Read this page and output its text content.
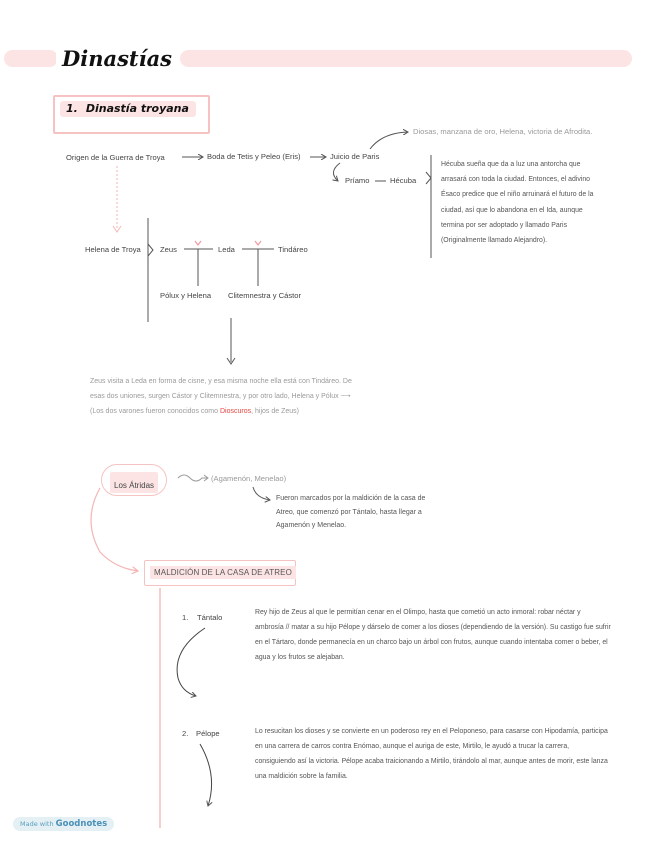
Dinastías
1. Dinastía troyana
Origen de la Guerra de Troya	Boda de Tetis y Peleo (Eris)	Juicio de Paris
Diosas, manzana de oro, Helena, victoria de Afrodita.
Príamo	Hécuba
Hécuba sueña que da a luz una antorcha que arrasará con toda la ciudad. Entonces, el adivino Ésaco predice que el niño arruinará el futuro de la ciudad, así que lo abandona en el Ida, aunque termina por ser adoptado y llamado Paris (Originalmente llamado Alejandro).
Helena de Troya	Zeus	Leda	Tindáreo
Pólux y Helena Clitemnestra y Cástor
Zeus visita a Leda en forma de cisne, y esa misma noche ella está con Tindáreo. De esas dos uniones, surgen Cástor y Clitemnestra, y por otro lado, Helena y Pólux ⟶ (Los dos varones fueron conocidos como Dioscuros, hijos de Zeus)
Los Átridas
(Agamenón, Menelao)
Fueron marcados por la maldición de la casa de Atreo, que comenzó por Tántalo, hasta llegar a Agamenón y Menelao.
MALDICIÓN DE LA CASA DE ATREO
1. Tántalo
Rey hijo de Zeus al que le permitían cenar en el Olimpo, hasta que cometió un acto inmoral: robar néctar y ambrosía // matar a su hijo Pélope y dárselo de comer a los dioses (dependiendo de la versión). Su castigo fue sufrir en el Tártaro, donde permanecía en un charco bajo un árbol con frutos, aunque cuando intentaba comer o beber, el agua y los frutos se alejaban.
2. Pélope	Lo resucitan los dioses y se convierte en un poderoso rey en el Peloponeso, para casarse con Hipodamía, participa en una carrera de carros contra Enómao, aunque el auriga de este, Mirtilo, le ayudó a trucar la carrera, consiguiendo así la victoria. Pélope acaba traicionando a Mirtilo, tirándolo al mar, aunque antes de morir, este lanza una maldición sobre la familia.
Made with Goodnotes
